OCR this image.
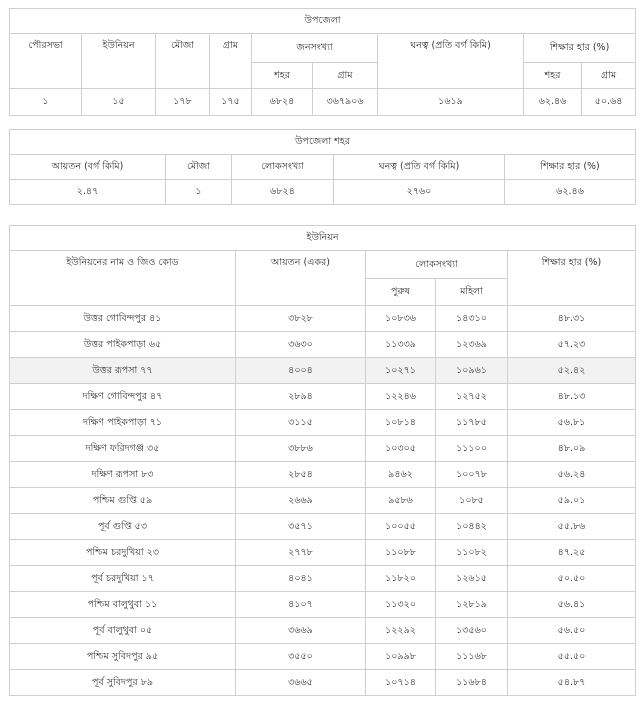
উপজেলা								
পৌরসভা	ইউনিয়ন	মৌজা	গ্রাম	জনসংখ্যা		ঘনত্ব (প্রতি বর্গ কিমি)	শিক্ষার হার (%)	
				শহর	গ্রাম		শহর	গ্রাম
১	১৫	১৭৮	১৭৫	৬৮২৪	৩৬৭৯০৬	১৬১৯	৬২.৪৬	৫০.৬৪
উপজেলা শহর				
আয়তন (বর্গ কিমি)	মৌজা	লোকসংখ্যা	ঘনত্ব (প্রতি বর্গ কিমি)	শিক্ষার হার (%)
২.৪৭	১	৬৮২৪	২৭৬০	৬২.৪৬
ইউনিয়ন				
ইউনিয়নের নাম ও জিও কোড	আয়তন (একর)	লোকসংখ্যা		শিক্ষার হার (%)
		পুরুষ	মহিলা	
উত্তর গোবিন্দপুর ৪১	৩৮২৮	১০৮৩৬	১৪৩১০	৪৮.৩১
উত্তর পাইকপাড়া ৬৫	৩৬৩০	১১৩৩৯	১২৩৬৯	৫৭.২৩
উত্তর রূপসা ৭৭	৪০০৪	১০২৭১	১০৯৬১	৫২.৪২
দক্ষিণ গোবিন্দপুর ৪৭	২৮৯৪	১২২৪৬	১২৭৫২	৪৮.১৩
দক্ষিণ পাইকপাড়া ৭১	৩১১৫	১০৮১৪	১১৭৮৫	৫৬.৮১
দক্ষিণ ফরিদগঞ্জ ৩৫	৩৮৮৬	১০৩০৫	১১১০০	৪৮.০৯
দক্ষিণ রূপসা ৮৩	২৮৫৪	৯৪৬২	১০০৭৮	৫৬.২৪
পশ্চিম গুপ্তি ৫৯	২৬৬৯	৯৫৮৬	১০৮৫	৫৯.০১
পূর্ব গুপ্তি ৫৩	৩৫৭১	১০০৫৫	১০৪৪২	৫৫.৮৬
পশ্চিম চরদুখিয়া ২৩	২৭৭৮	১১০৮৮	১১০৮২	৪৭.২৫
পূর্ব চরদুখিয়া ১৭	৪০৪১	১১৮২০	১২৬১৫	৫০.৫০
পশ্চিম বালুথুবা ১১	৪১০৭	১১৩২০	১২৮১৯	৫৬.৪১
পূর্ব বালুথুবা ০৫	৩৬৬৯	১২২৯২	১৩৫৬০	৫৬.৫০
পশ্চিম সুবিদপুর ৯৫	৩৫৫০	১০৯৯৮	১১১৬৮	৫৫.৫০
পূর্ব সুবিদপুর ৮৯	৩৬৬৫	১০৭১৪	১১৬৮৪	৫৪.৮৭
